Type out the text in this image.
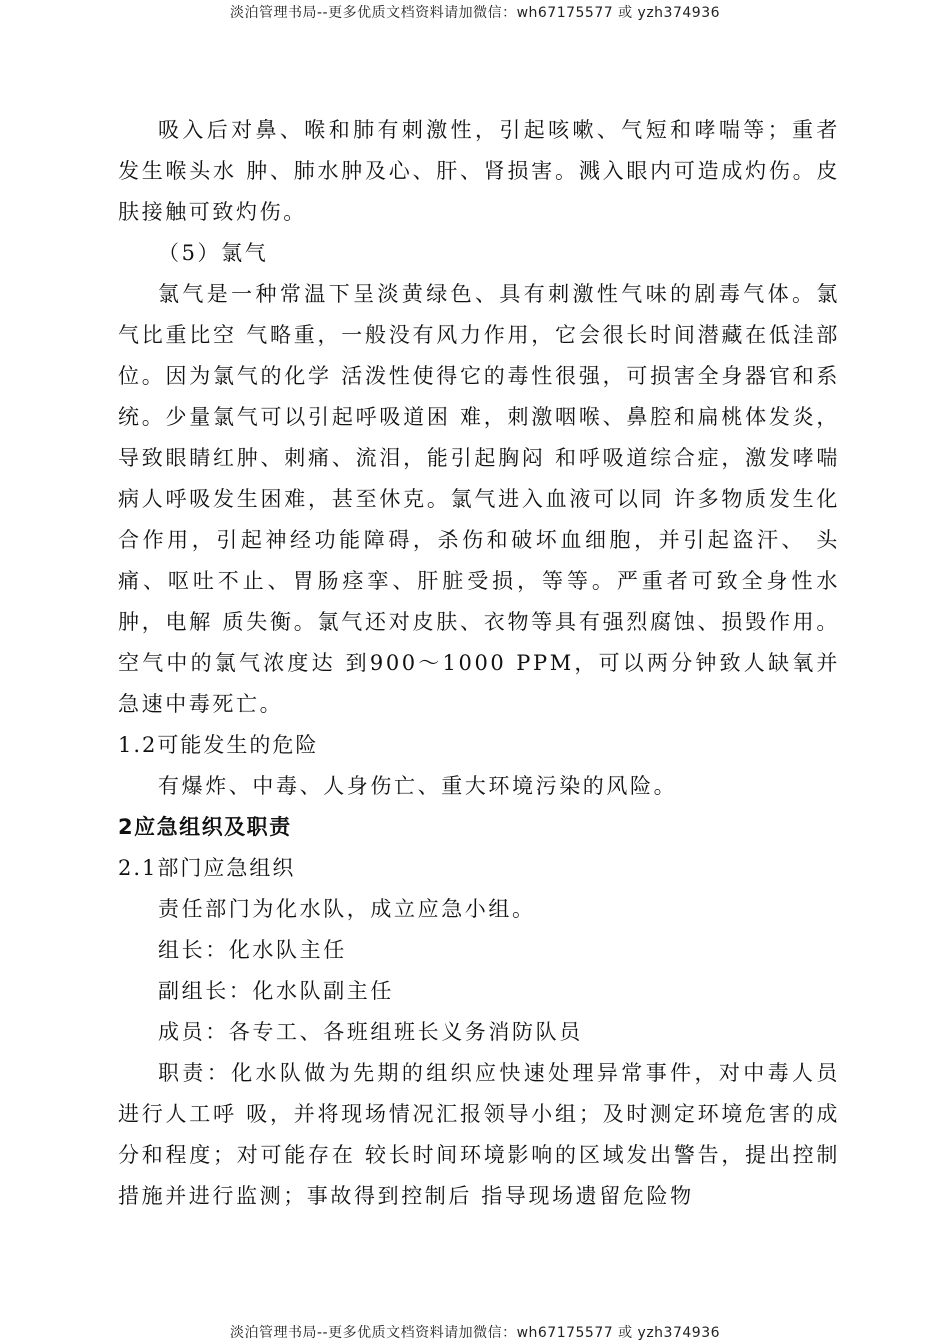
淡泊管理书局--更多优质文档资料请加微信：wh67175577 或 yzh374936

吸入后对鼻、喉和肺有刺激性，引起咳嗽、气短和哮喘等；重者发生喉头水 肿、肺水肿及心、肝、肾损害。溅入眼内可造成灼伤。皮肤接触可致灼伤。

（5）氯气

氯气是一种常温下呈淡黄绿色、具有刺激性气味的剧毒气体。氯气比重比空 气略重，一般没有风力作用，它会很长时间潜藏在低洼部位。因为氯气的化学 活泼性使得它的毒性很强，可损害全身器官和系统。少量氯气可以引起呼吸道困 难，刺激咽喉、鼻腔和扁桃体发炎，导致眼睛红肿、刺痛、流泪，能引起胸闷 和呼吸道综合症，激发哮喘病人呼吸发生困难，甚至休克。氯气进入血液可以同 许多物质发生化合作用，引起神经功能障碍，杀伤和破坏血细胞，并引起盗汗、 头痛、呕吐不止、胃肠痉挛、肝脏受损，等等。严重者可致全身性水肿，电解 质失衡。氯气还对皮肤、衣物等具有强烈腐蚀、损毁作用。空气中的氯气浓度达 到900〜1000 PPM，可以两分钟致人缺氧并急速中毒死亡。

1.2可能发生的危险

有爆炸、中毒、人身伤亡、重大环境污染的风险。

2应急组织及职责

2.1部门应急组织

责任部门为化水队，成立应急小组。

组长：化水队主任

副组长：化水队副主任

成员：各专工、各班组班长义务消防队员

职责：化水队做为先期的组织应快速处理异常事件，对中毒人员进行人工呼 吸，并将现场情况汇报领导小组；及时测定环境危害的成分和程度；对可能存在 较长时间环境影响的区域发出警告，提出控制措施并进行监测；事故得到控制后 指导现场遗留危险物

淡泊管理书局--更多优质文档资料请加微信：wh67175577 或 yzh374936
